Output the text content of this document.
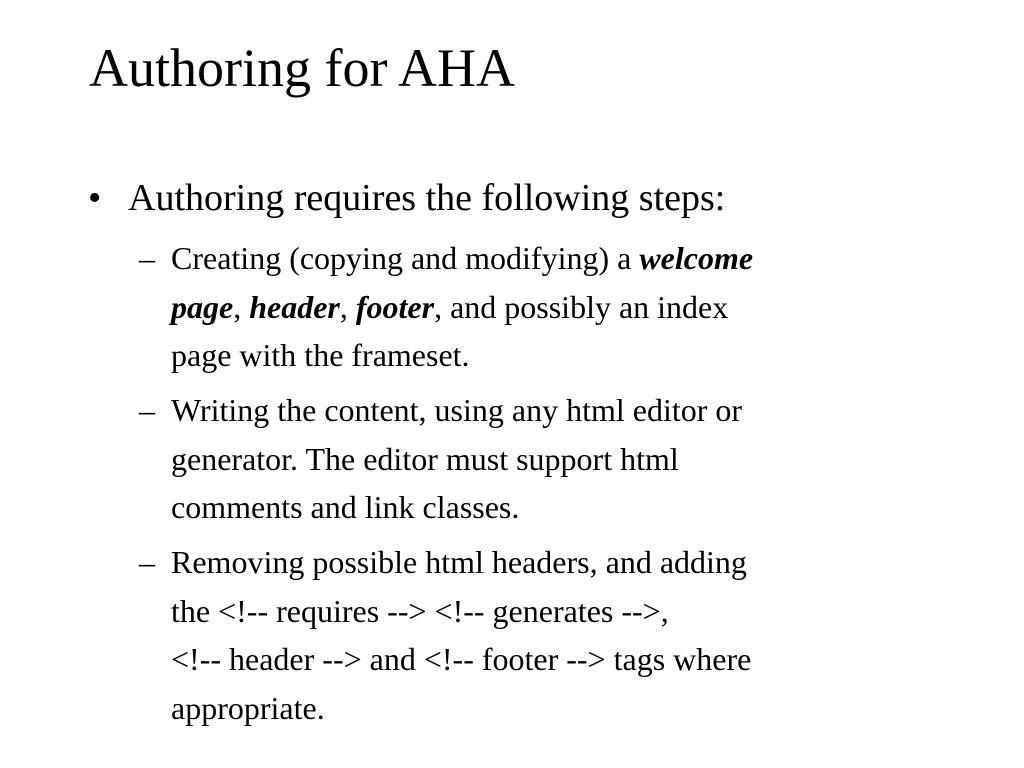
Authoring for AHA
• Authoring requires the following steps:
– Creating (copying and modifying) a welcome
page, header, footer, and possibly an index
page with the frameset.
– Writing the content, using any html editor or
generator. The editor must support html
comments and link classes.
– Removing possible html headers, and adding
the <!-- requires --> <!-- generates -->,
<!-- header --> and <!-- footer --> tags where
appropriate.
